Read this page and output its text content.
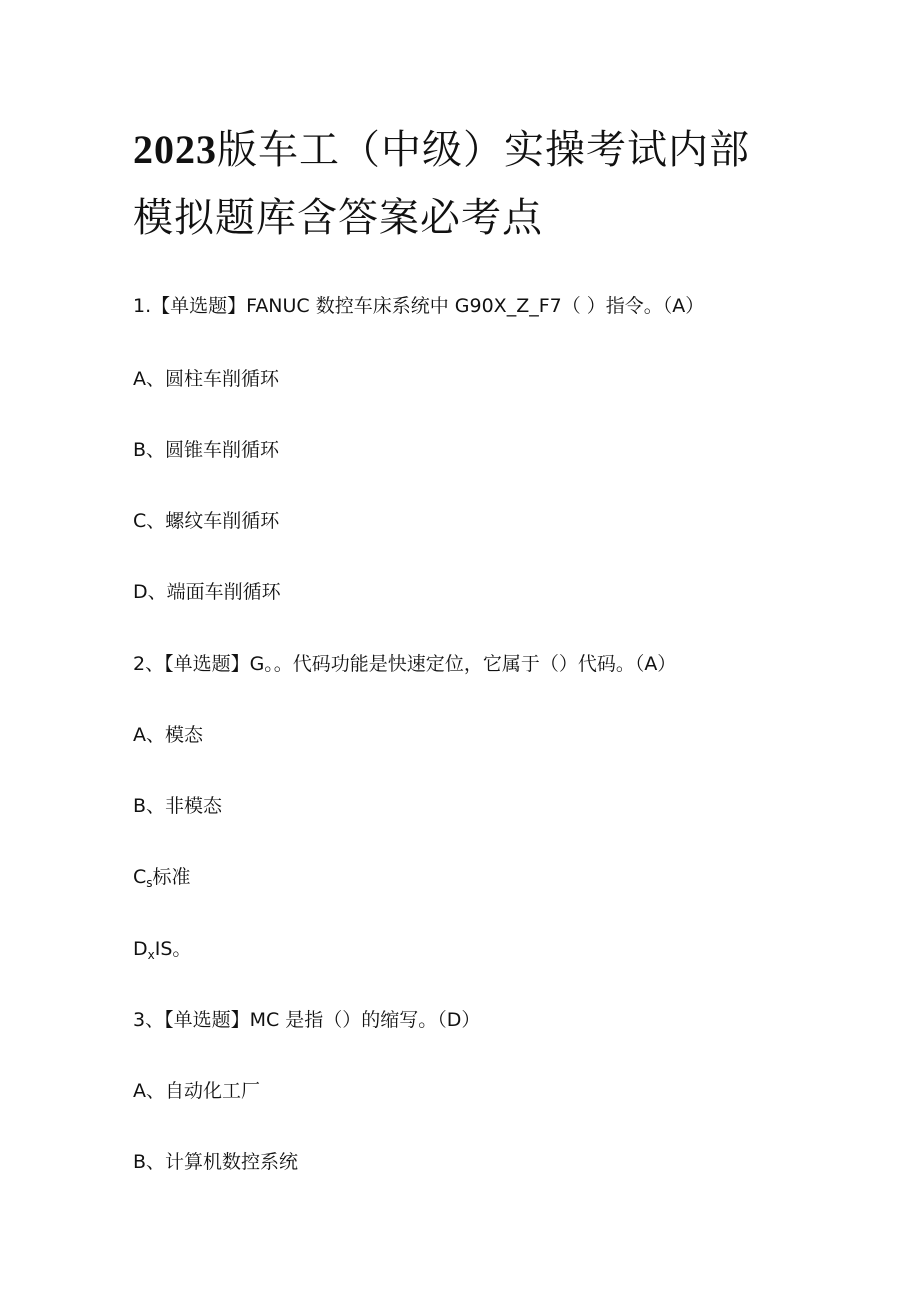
2023版车工（中级）实操考试内部
模拟题库含答案必考点

1.【单选题】FANUC 数控车床系统中 G90X_Z_F7（ ）指令。（A）

A、圆柱车削循环

B、圆锥车削循环

C、螺纹车削循环

D、端面车削循环

2、【单选题】G。。代码功能是快速定位，它属于（）代码。（A）

A、模态

B、非模态

$C_s$标准

$D_xIS$。

3、【单选题】MC 是指（）的缩写。（D）

A、自动化工厂

B、计算机数控系统
